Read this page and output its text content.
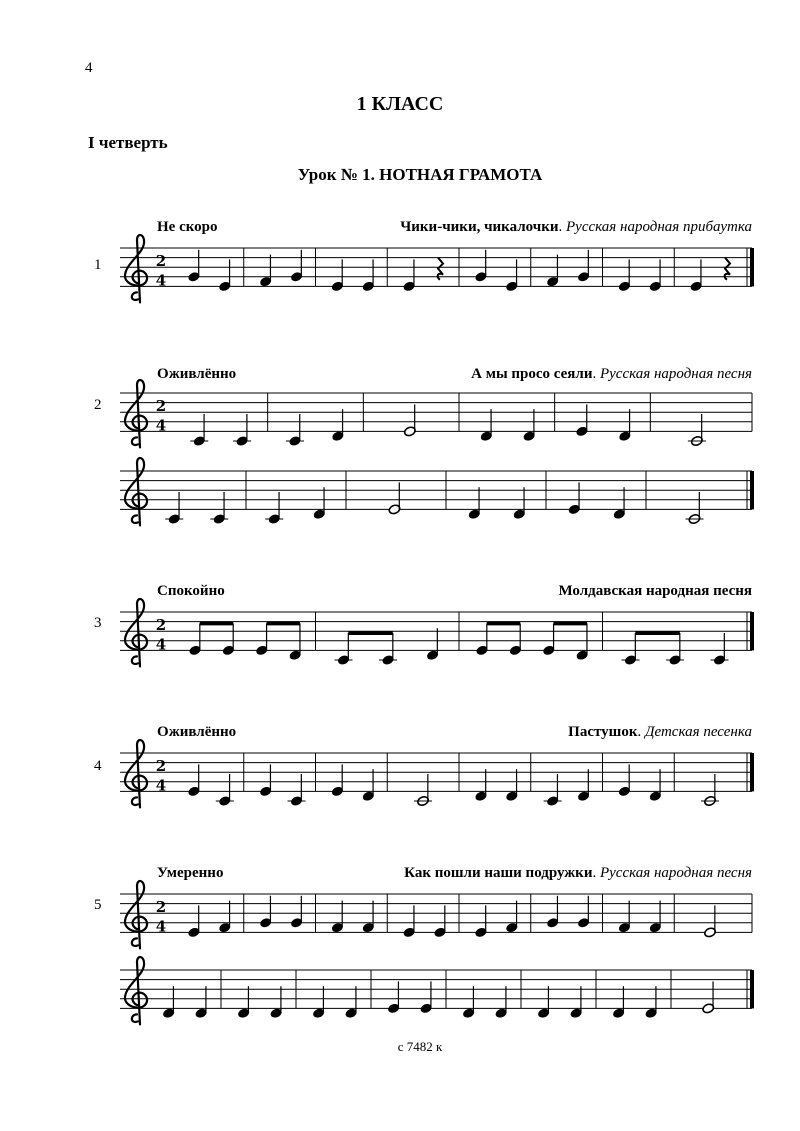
4
1 КЛАСС
I четверть
Урок № 1. НОТНАЯ ГРАМОТА
Не скоро	Чики-чики, чикалочки. Русская народная прибаутка
1
Оживлённо	А мы просо сеяли. Русская народная песня
2
Спокойно	Молдавская народная песня
3
Оживлённо	Пастушок. Детская песенка
4
Умеренно	Как пошли наши подружки. Русская народная песня
5
2
4
2
4
2
4
2
4
2
4
с 7482 к
